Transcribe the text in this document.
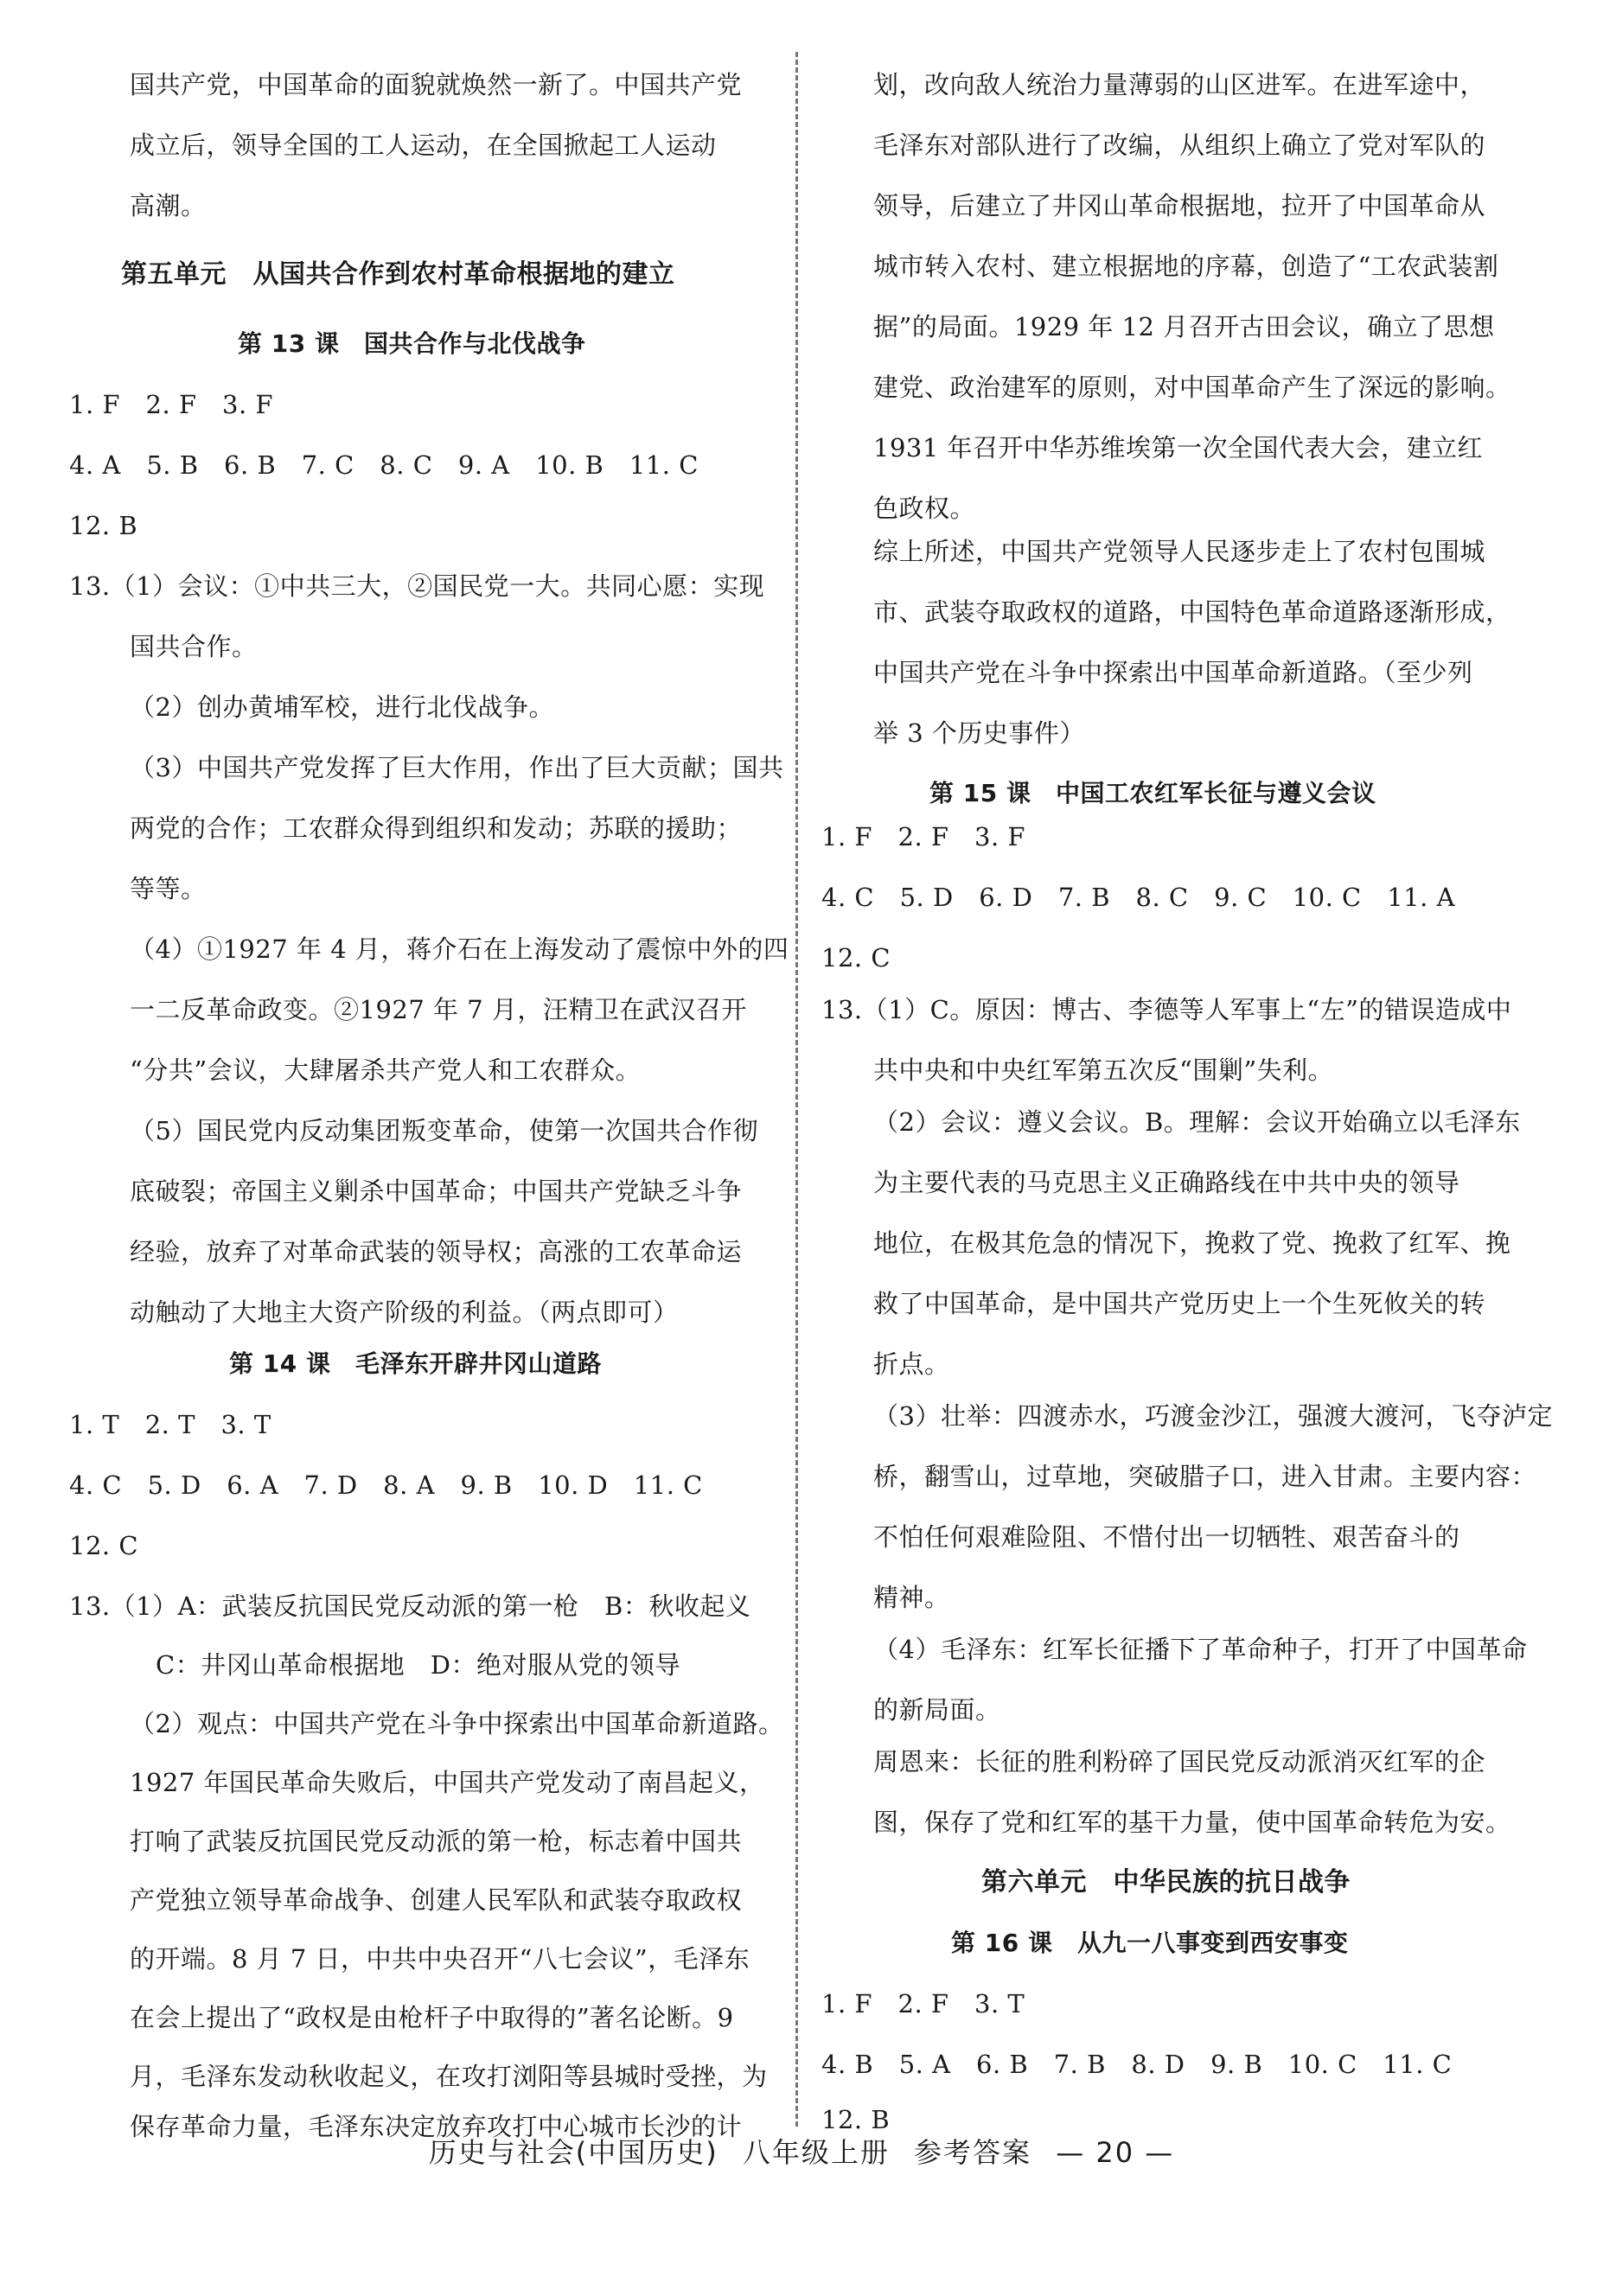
国共产党，中国革命的面貌就焕然一新了。中国共产党
成立后，领导全国的工人运动，在全国掀起工人运动
高潮。
第五单元　从国共合作到农村革命根据地的建立
第 13 课　国共合作与北伐战争
1. F　2. F　3. F
4. A　5. B　6. B　7. C　8. C　9. A　10. B　11. C
12. B
13.（1）会议：①中共三大，②国民党一大。共同心愿：实现
国共合作。
（2）创办黄埔军校，进行北伐战争。
（3）中国共产党发挥了巨大作用，作出了巨大贡献；国共
两党的合作；工农群众得到组织和发动；苏联的援助；
等等。
（4）①1927 年 4 月，蒋介石在上海发动了震惊中外的四
一二反革命政变。②1927 年 7 月，汪精卫在武汉召开
“分共”会议，大肆屠杀共产党人和工农群众。
（5）国民党内反动集团叛变革命，使第一次国共合作彻
底破裂；帝国主义剿杀中国革命；中国共产党缺乏斗争
经验，放弃了对革命武装的领导权；高涨的工农革命运
动触动了大地主大资产阶级的利益。（两点即可）
第 14 课　毛泽东开辟井冈山道路
1. T　2. T　3. T
4. C　5. D　6. A　7. D　8. A　9. B　10. D　11. C
12. C
13.（1）A：武装反抗国民党反动派的第一枪　B：秋收起义
C：井冈山革命根据地　D：绝对服从党的领导
（2）观点：中国共产党在斗争中探索出中国革命新道路。
1927 年国民革命失败后，中国共产党发动了南昌起义，
打响了武装反抗国民党反动派的第一枪，标志着中国共
产党独立领导革命战争、创建人民军队和武装夺取政权
的开端。8 月 7 日，中共中央召开“八七会议”，毛泽东
在会上提出了“政权是由枪杆子中取得的”著名论断。9
月，毛泽东发动秋收起义，在攻打浏阳等县城时受挫，为
保存革命力量，毛泽东决定放弃攻打中心城市长沙的计
划，改向敌人统治力量薄弱的山区进军。在进军途中，
毛泽东对部队进行了改编，从组织上确立了党对军队的
领导，后建立了井冈山革命根据地，拉开了中国革命从
城市转入农村、建立根据地的序幕，创造了“工农武装割
据”的局面。1929 年 12 月召开古田会议，确立了思想
建党、政治建军的原则，对中国革命产生了深远的影响。
1931 年召开中华苏维埃第一次全国代表大会，建立红
色政权。
综上所述，中国共产党领导人民逐步走上了农村包围城
市、武装夺取政权的道路，中国特色革命道路逐渐形成，
中国共产党在斗争中探索出中国革命新道路。（至少列
举 3 个历史事件）
第 15 课　中国工农红军长征与遵义会议
1. F　2. F　3. F
4. C　5. D　6. D　7. B　8. C　9. C　10. C　11. A
12. C
13.（1）C。原因：博古、李德等人军事上“左”的错误造成中
共中央和中央红军第五次反“围剿”失利。
（2）会议：遵义会议。B。理解：会议开始确立以毛泽东
为主要代表的马克思主义正确路线在中共中央的领导
地位，在极其危急的情况下，挽救了党、挽救了红军、挽
救了中国革命，是中国共产党历史上一个生死攸关的转
折点。
（3）壮举：四渡赤水，巧渡金沙江，强渡大渡河，飞夺泸定
桥，翻雪山，过草地，突破腊子口，进入甘肃。主要内容：
不怕任何艰难险阻、不惜付出一切牺牲、艰苦奋斗的
精神。
（4）毛泽东：红军长征播下了革命种子，打开了中国革命
的新局面。
周恩来：长征的胜利粉碎了国民党反动派消灭红军的企
图，保存了党和红军的基干力量，使中国革命转危为安。
第六单元　中华民族的抗日战争
第 16 课　从九一八事变到西安事变
1. F　2. F　3. T
4. B　5. A　6. B　7. B　8. D　9. B　10. C　11. C
12. B
历史与社会(中国历史) 八年级上册 参考答案 — 20 —
